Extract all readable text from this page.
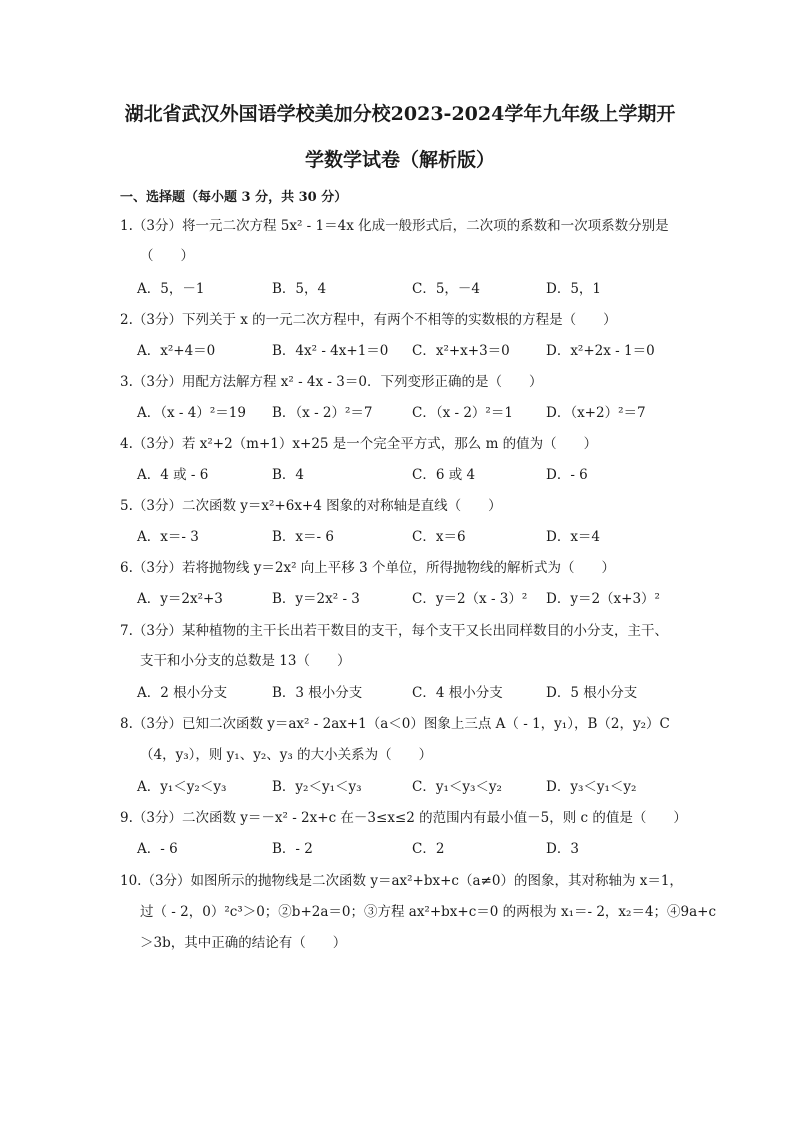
湖北省武汉外国语学校美加分校2023-2024学年九年级上学期开
学数学试卷（解析版）
一、选择题（每小题 3 分，共 30 分）
1.（3分）将一元二次方程 5x² - 1＝4x 化成一般形式后，二次项的系数和一次项系数分别是
（　　）
A．5，－1	B．5，4	C．5，－4	D．5，1
2.（3分）下列关于 x 的一元二次方程中，有两个不相等的实数根的方程是（　　）
A．x²+4＝0	B．4x² - 4x+1＝0 C．x²+x+3＝0	D．x²+2x - 1＝0
3.（3分）用配方法解方程 x² - 4x - 3＝0．下列变形正确的是（　　）
A．（x - 4）²＝19 B．（x - 2）²＝7	C．（x - 2）²＝1 D．（x+2）²＝7
4.（3分）若 x²+2（m+1）x+25 是一个完全平方式，那么 m 的值为（　　）
A．4 或 - 6	B．4	C．6 或 4	D．- 6
5.（3分）二次函数 y＝x²+6x+4 图象的对称轴是直线（　　）
A．x＝- 3	B．x＝- 6	C．x＝6	D．x＝4
6.（3分）若将抛物线 y＝2x² 向上平移 3 个单位，所得抛物线的解析式为（　　）
A．y＝2x²+3	B．y＝2x² - 3	C．y＝2（x - 3）² D．y＝2（x+3）²
7.（3分）某种植物的主干长出若干数目的支干，每个支干又长出同样数目的小分支，主干、
支干和小分支的总数是 13（　　）
A．2 根小分支	B．3 根小分支	C．4 根小分支	D．5 根小分支
8.（3分）已知二次函数 y＝ax² - 2ax+1（a＜0）图象上三点 A（ - 1，y₁），B（2，y₂）C
（4，y₃），则 y₁、y₂、y₃ 的大小关系为（　　）
A．y₁＜y₂＜y₃	B．y₂＜y₁＜y₃	C．y₁＜y₃＜y₂	D．y₃＜y₁＜y₂
9.（3分）二次函数 y＝－x² - 2x+c 在－3≤x≤2 的范围内有最小值－5，则 c 的值是（　　）
A．- 6	B．- 2	C．2	D．3
10.（3分）如图所示的抛物线是二次函数 y＝ax²+bx+c（a≠0）的图象，其对称轴为 x＝1，
过（ - 2，0）²c³＞0；②b+2a＝0；③方程 ax²+bx+c＝0 的两根为 x₁＝- 2，x₂＝4；④9a+c
＞3b，其中正确的结论有（　　）
